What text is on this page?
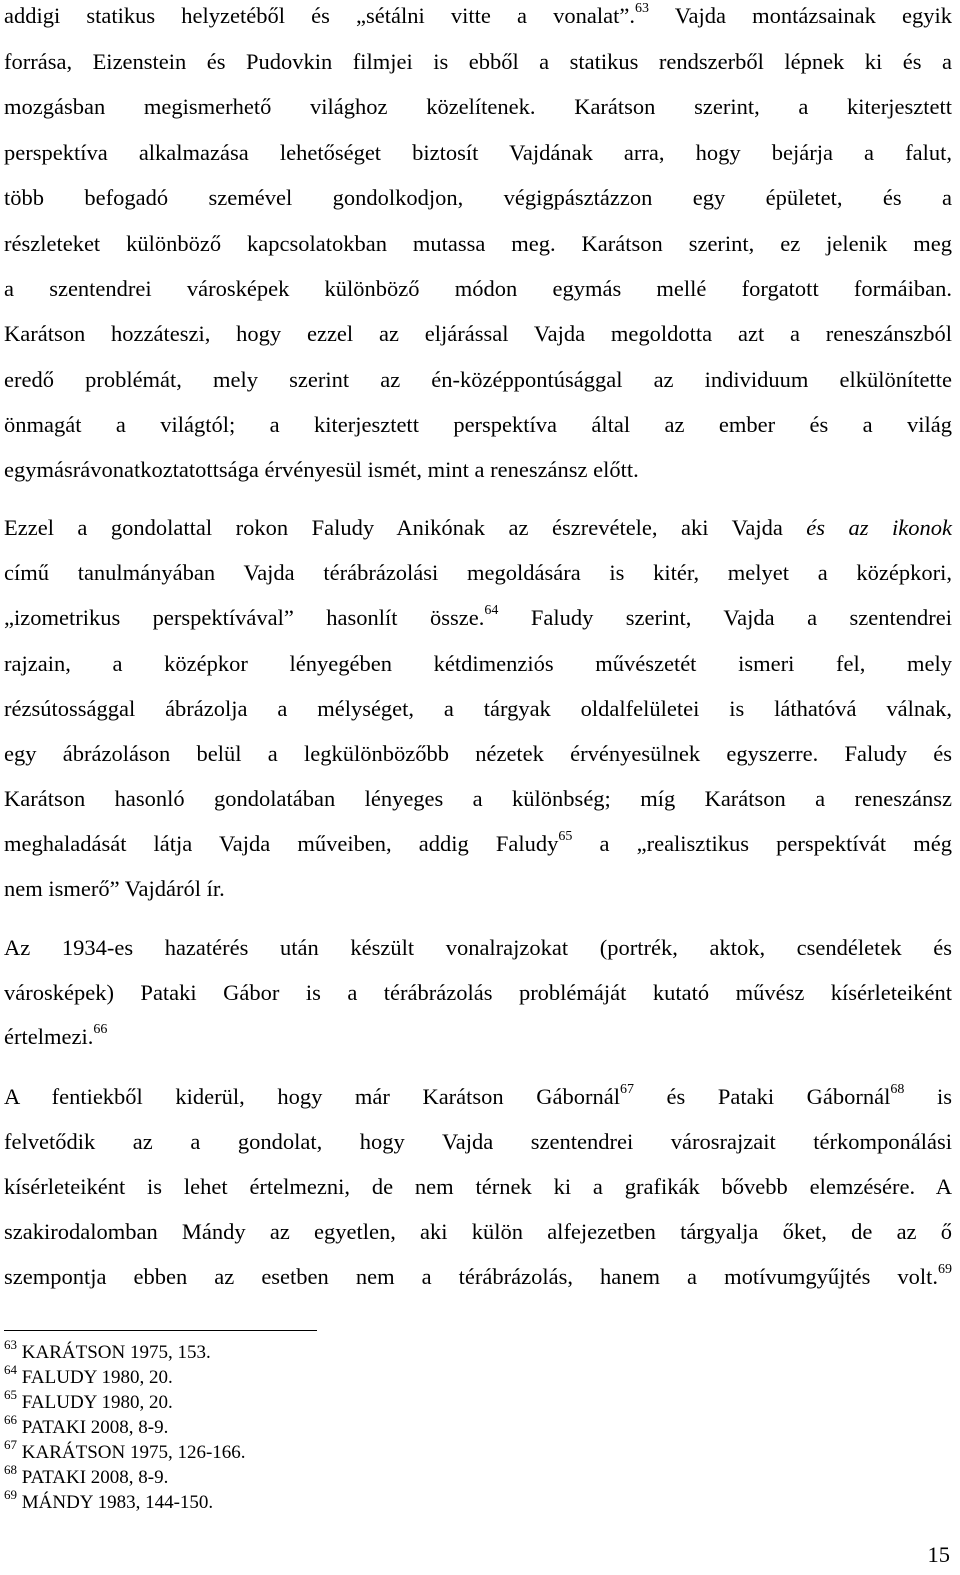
addigi statikus helyzetéből és „sétálni vitte a vonalat”.$^{63}$ Vajda montázsainak egyik
forrása, Eizenstein és Pudovkin filmjei is ebből a statikus rendszerből lépnek ki és a
mozgásban megismerhető világhoz közelítenek. Karátson szerint, a kiterjesztett
perspektíva alkalmazása lehetőséget biztosít Vajdának arra, hogy bejárja a falut,
több befogadó szemével gondolkodjon, végigpásztázzon egy épületet, és a
részleteket különböző kapcsolatokban mutassa meg. Karátson szerint, ez jelenik meg
a szentendrei városképek különböző módon egymás mellé forgatott formáiban.
Karátson hozzáteszi, hogy ezzel az eljárással Vajda megoldotta azt a reneszánszból
eredő problémát, mely szerint az én-középpontúsággal az individuum elkülönítette
önmagát a világtól; a kiterjesztett perspektíva által az ember és a világ
egymásrávonatkoztatottsága érvényesül ismét, mint a reneszánsz előtt.
Ezzel a gondolattal rokon Faludy Anikónak az észrevétele, aki Vajda és az ikonok
című tanulmányában Vajda térábrázolási megoldására is kitér, melyet a középkori,
„izometrikus perspektívával” hasonlít össze.$^{64}$ Faludy szerint, Vajda a szentendrei
rajzain, a középkor lényegében kétdimenziós művészetét ismeri fel, mely
rézsútossággal ábrázolja a mélységet, a tárgyak oldalfelületei is láthatóvá válnak,
egy ábrázoláson belül a legkülönbözőbb nézetek érvényesülnek egyszerre. Faludy és
Karátson hasonló gondolatában lényeges a különbség; míg Karátson a reneszánsz
meghaladását látja Vajda műveiben, addig Faludy$^{65}$ a „realisztikus perspektívát még
nem ismerő” Vajdáról ír.
Az 1934-es hazatérés után készült vonalrajzokat (portrék, aktok, csendéletek és
városképek) Pataki Gábor is a térábrázolás problémáját kutató művész kísérleteiként
értelmezi.$^{66}$
A fentiekből kiderül, hogy már Karátson Gábornál$^{67}$ és Pataki Gábornál$^{68}$ is
felvetődik az a gondolat, hogy Vajda szentendrei városrajzait térkomponálási
kísérleteiként is lehet értelmezni, de nem térnek ki a grafikák bővebb elemzésére. A
szakirodalomban Mándy az egyetlen, aki külön alfejezetben tárgyalja őket, de az ő
szempontja ebben az esetben nem a térábrázolás, hanem a motívumgyűjtés volt.$^{69}$
$^{63}$ KARÁTSON 1975, 153.
$^{64}$ FALUDY 1980, 20.
$^{65}$ FALUDY 1980, 20.
$^{66}$ PATAKI 2008, 8-9.
$^{67}$ KARÁTSON 1975, 126-166.
$^{68}$ PATAKI 2008, 8-9.
$^{69}$ MÁNDY 1983, 144-150.
15
